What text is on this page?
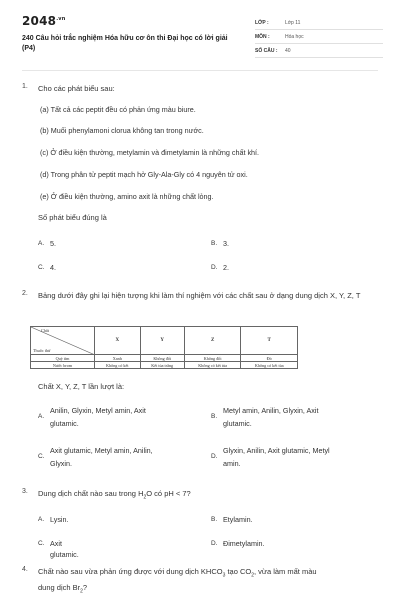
$2048^{.vn}$
240 Câu hỏi trắc nghiệm Hóa hữu cơ ôn thi Đại học có lời giải (P4)
LỚP :	Lớp 11
MÔN :	Hóa học
SỐ CÂU : 40
1. Cho các phát biểu sau:
(a) Tất cả các peptit đều có phản ứng màu biure.
(b) Muối phenylamoni clorua không tan trong nước.
(c) Ở điều kiện thường, metylamin và đimetylamin là những chất khí.
(d) Trong phân tử peptit mạch hở Gly-Ala-Gly có 4 nguyên tử oxi.
(e) Ở điều kiện thường, amino axit là những chất lỏng.
Số phát biểu đúng là
A. 5.	B. 3.
C. 4.	D. 2.
2. Bảng dưới đây ghi lại hiện tượng khi làm thí nghiệm với các chất sau ở dạng dung dịch X, Y, Z, T
Chất
Thuốc thử	X	Y	Z	T
Quỳ tím	Xanh	Không đổi	Không đổi	Đỏ
Nước brom	Không có kết	Kết tủa trắng	Không có kết tủa	Không có kết tủa
Chất X, Y, Z, T lần lượt là:
A.
Anilin, Glyxin, Metyl amin, Axit
glutamic.
B.
Metyl amin, Anilin, Glyxin, Axit
glutamic.
C.
Axit glutamic, Metyl amin, Anilin,
Glyxin.
D.
Glyxin, Anilin, Axit glutamic, Metyl
amin.
3. Dung dịch chất nào sau trong $H_2O$ có pH < 7?
A. Lysin.	B. Etylamin.
C. Axit glutamic.
D. Đimetylamin.
4. Chất nào sau vừa phản ứng được với dung dịch $KHCO_3$ tạo $CO_2$, vừa làm mất màu
dung dịch $Br_2$?
